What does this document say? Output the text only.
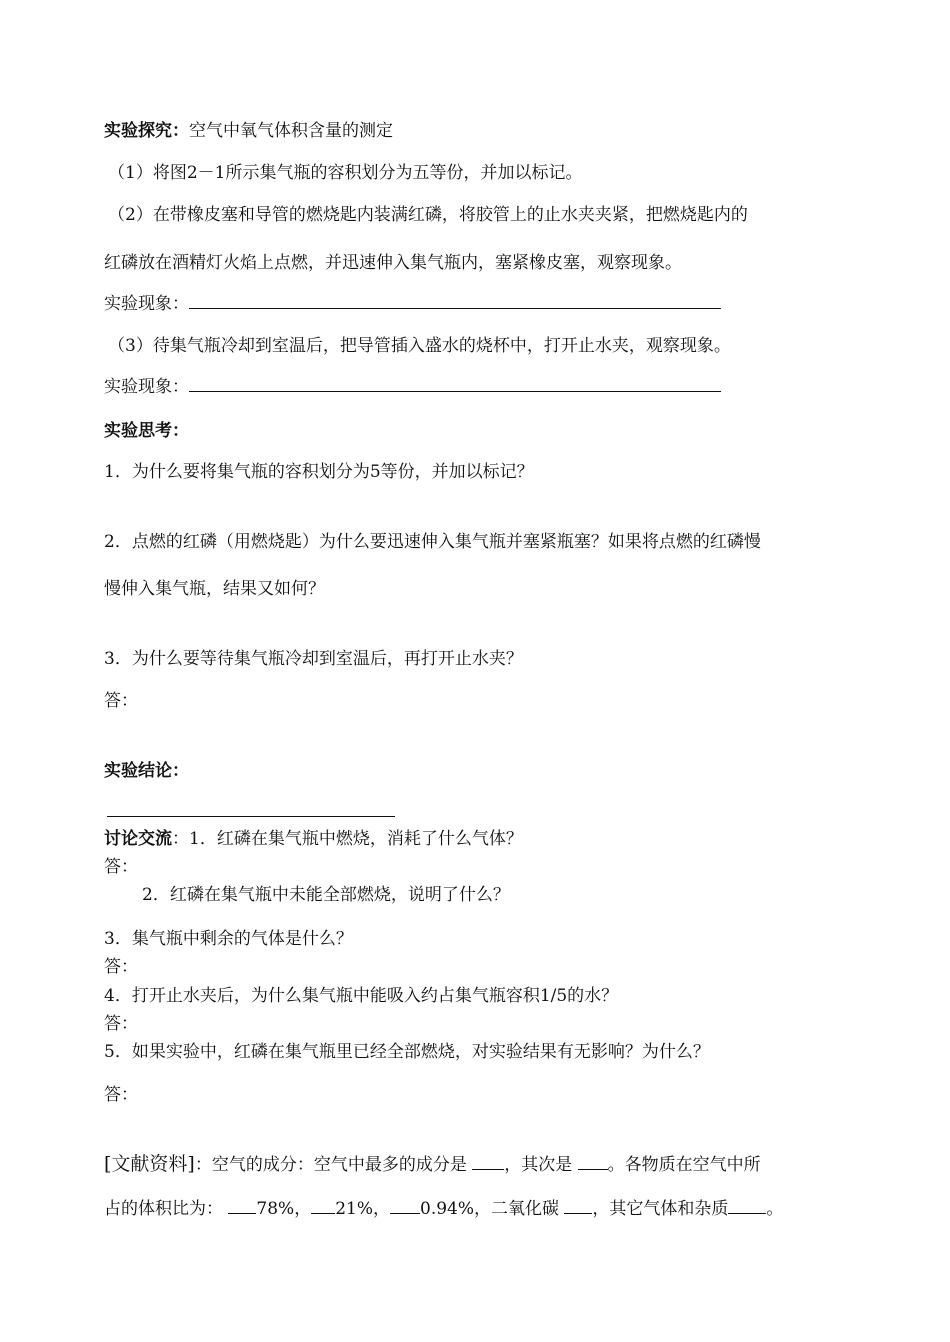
实验探究：空气中氧气体积含量的测定
（1）将图2－1所示集气瓶的容积划分为五等份，并加以标记。
（2）在带橡皮塞和导管的燃烧匙内装满红磷，将胶管上的止水夹夹紧，把燃烧匙内的
红磷放在酒精灯火焰上点燃，并迅速伸入集气瓶内，塞紧橡皮塞，观察现象。
实验现象：
（3）待集气瓶冷却到室温后，把导管插入盛水的烧杯中，打开止水夹，观察现象。
实验现象：
实验思考：
1．为什么要将集气瓶的容积划分为5等份，并加以标记？
2．点燃的红磷（用燃烧匙）为什么要迅速伸入集气瓶并塞紧瓶塞？如果将点燃的红磷慢
慢伸入集气瓶，结果又如何？
3．为什么要等待集气瓶冷却到室温后，再打开止水夹？
答：
实验结论：
讨论交流：1．红磷在集气瓶中燃烧，消耗了什么气体？
答：
2．红磷在集气瓶中未能全部燃烧，说明了什么？
3．集气瓶中剩余的气体是什么？
答：
4．打开止水夹后，为什么集气瓶中能吸入约占集气瓶容积1/5的水？
答：
5．如果实验中，红磷在集气瓶里已经全部燃烧，对实验结果有无影响？为什么？
答：
[文献资料]：空气的成分：空气中最多的成分是 ，其次是 。各物质在空气中所
占的体积比为： 78%， 21%， 0.94%，二氧化碳 ，其它气体和杂质 。
